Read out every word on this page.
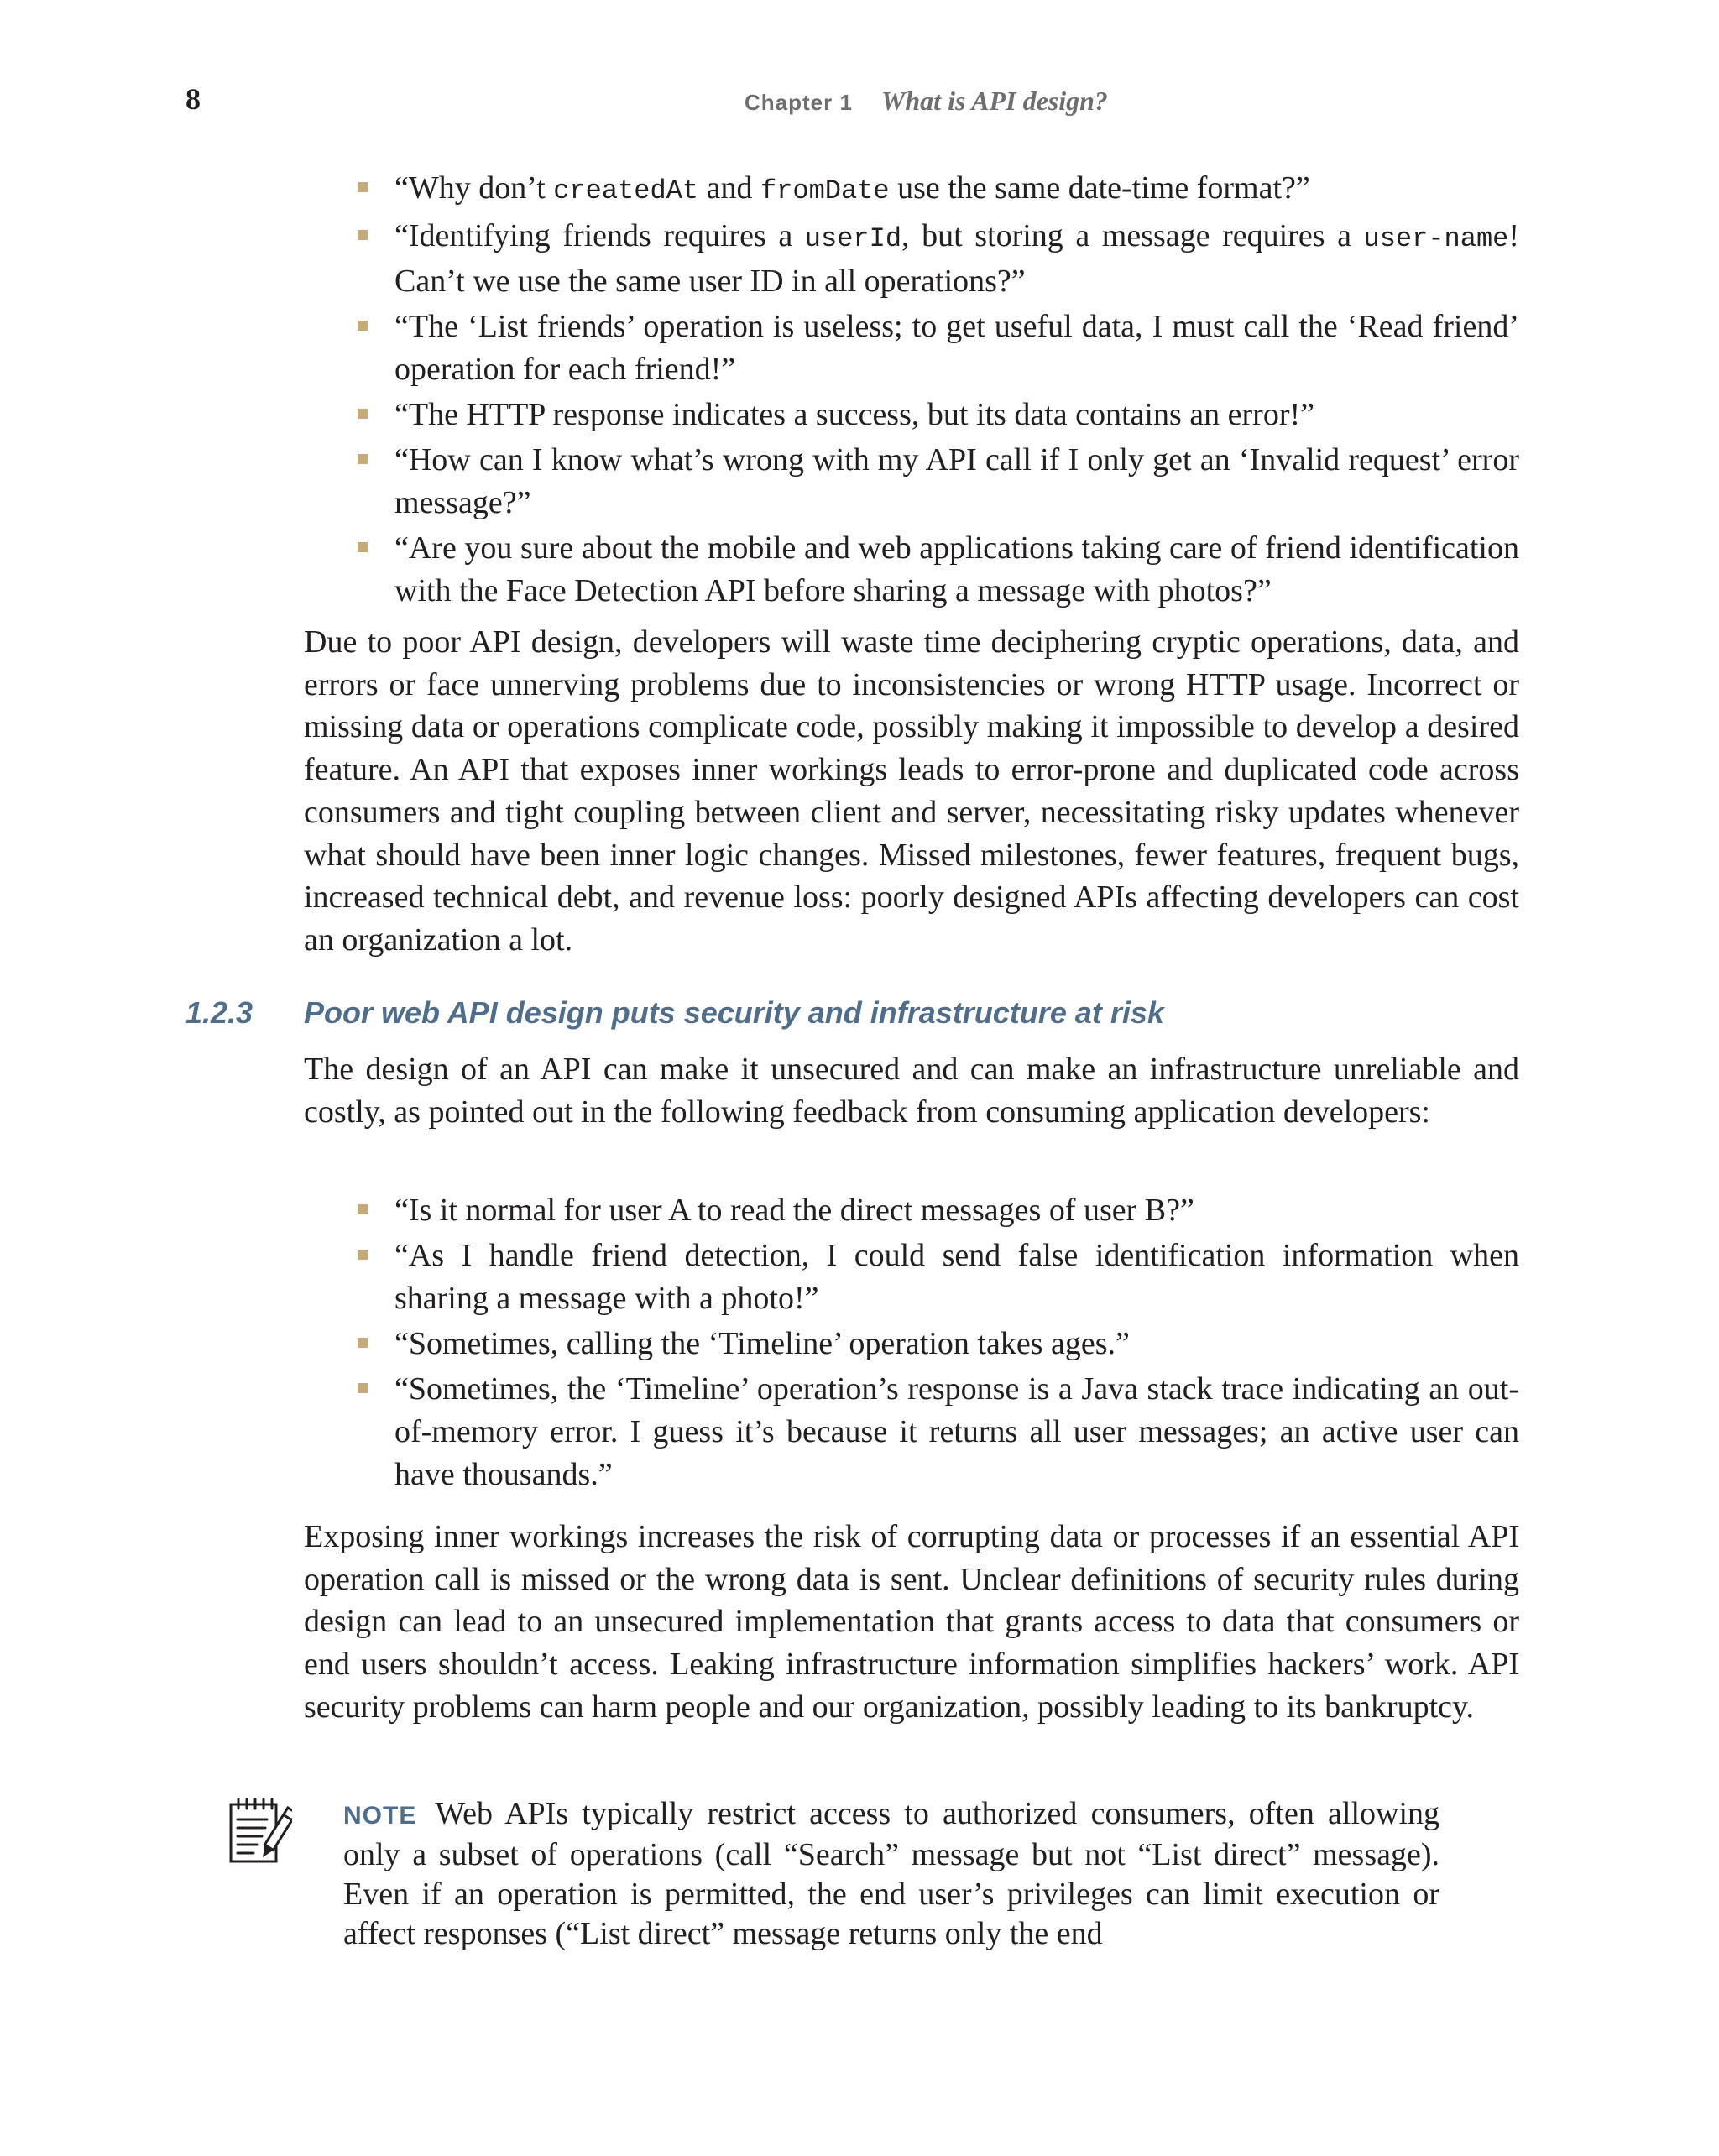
8	Chapter 1 What is API design?
“Why don’t createdAt and fromDate use the same date-time format?”
“Identifying friends requires a userId, but storing a message requires a user-name! Can’t we use the same user ID in all operations?”
“The ‘List friends’ operation is useless; to get useful data, I must call the ‘Read friend’ operation for each friend!”
“The HTTP response indicates a success, but its data contains an error!”
“How can I know what’s wrong with my API call if I only get an ‘Invalid request’ error message?”
“Are you sure about the mobile and web applications taking care of friend identification with the Face Detection API before sharing a message with photos?”

Due to poor API design, developers will waste time deciphering cryptic operations, data, and errors or face unnerving problems due to inconsistencies or wrong HTTP usage. Incorrect or missing data or operations complicate code, possibly making it impossible to develop a desired feature. An API that exposes inner workings leads to error-prone and duplicated code across consumers and tight coupling between client and server, necessitating risky updates whenever what should have been inner logic changes. Missed milestones, fewer features, frequent bugs, increased technical debt, and revenue loss: poorly designed APIs affecting developers can cost an organization a lot.

1.2.3 Poor web API design puts security and infrastructure at risk

The design of an API can make it unsecured and can make an infrastructure unreliable and costly, as pointed out in the following feedback from consuming application developers:

“Is it normal for user A to read the direct messages of user B?”
“As I handle friend detection, I could send false identification information when sharing a message with a photo!”
“Sometimes, calling the ‘Timeline’ operation takes ages.”
“Sometimes, the ‘Timeline’ operation’s response is a Java stack trace indicating an out-of-memory error. I guess it’s because it returns all user messages; an active user can have thousands.”

Exposing inner workings increases the risk of corrupting data or processes if an essential API operation call is missed or the wrong data is sent. Unclear definitions of security rules during design can lead to an unsecured implementation that grants access to data that consumers or end users shouldn’t access. Leaking infrastructure information simplifies hackers’ work. API security problems can harm people and our organization, possibly leading to its bankruptcy.

NOTE Web APIs typically restrict access to authorized consumers, often allowing only a subset of operations (call “Search” message but not “List direct” message). Even if an operation is permitted, the end user’s privileges can limit execution or affect responses (“List direct” message returns only the end
